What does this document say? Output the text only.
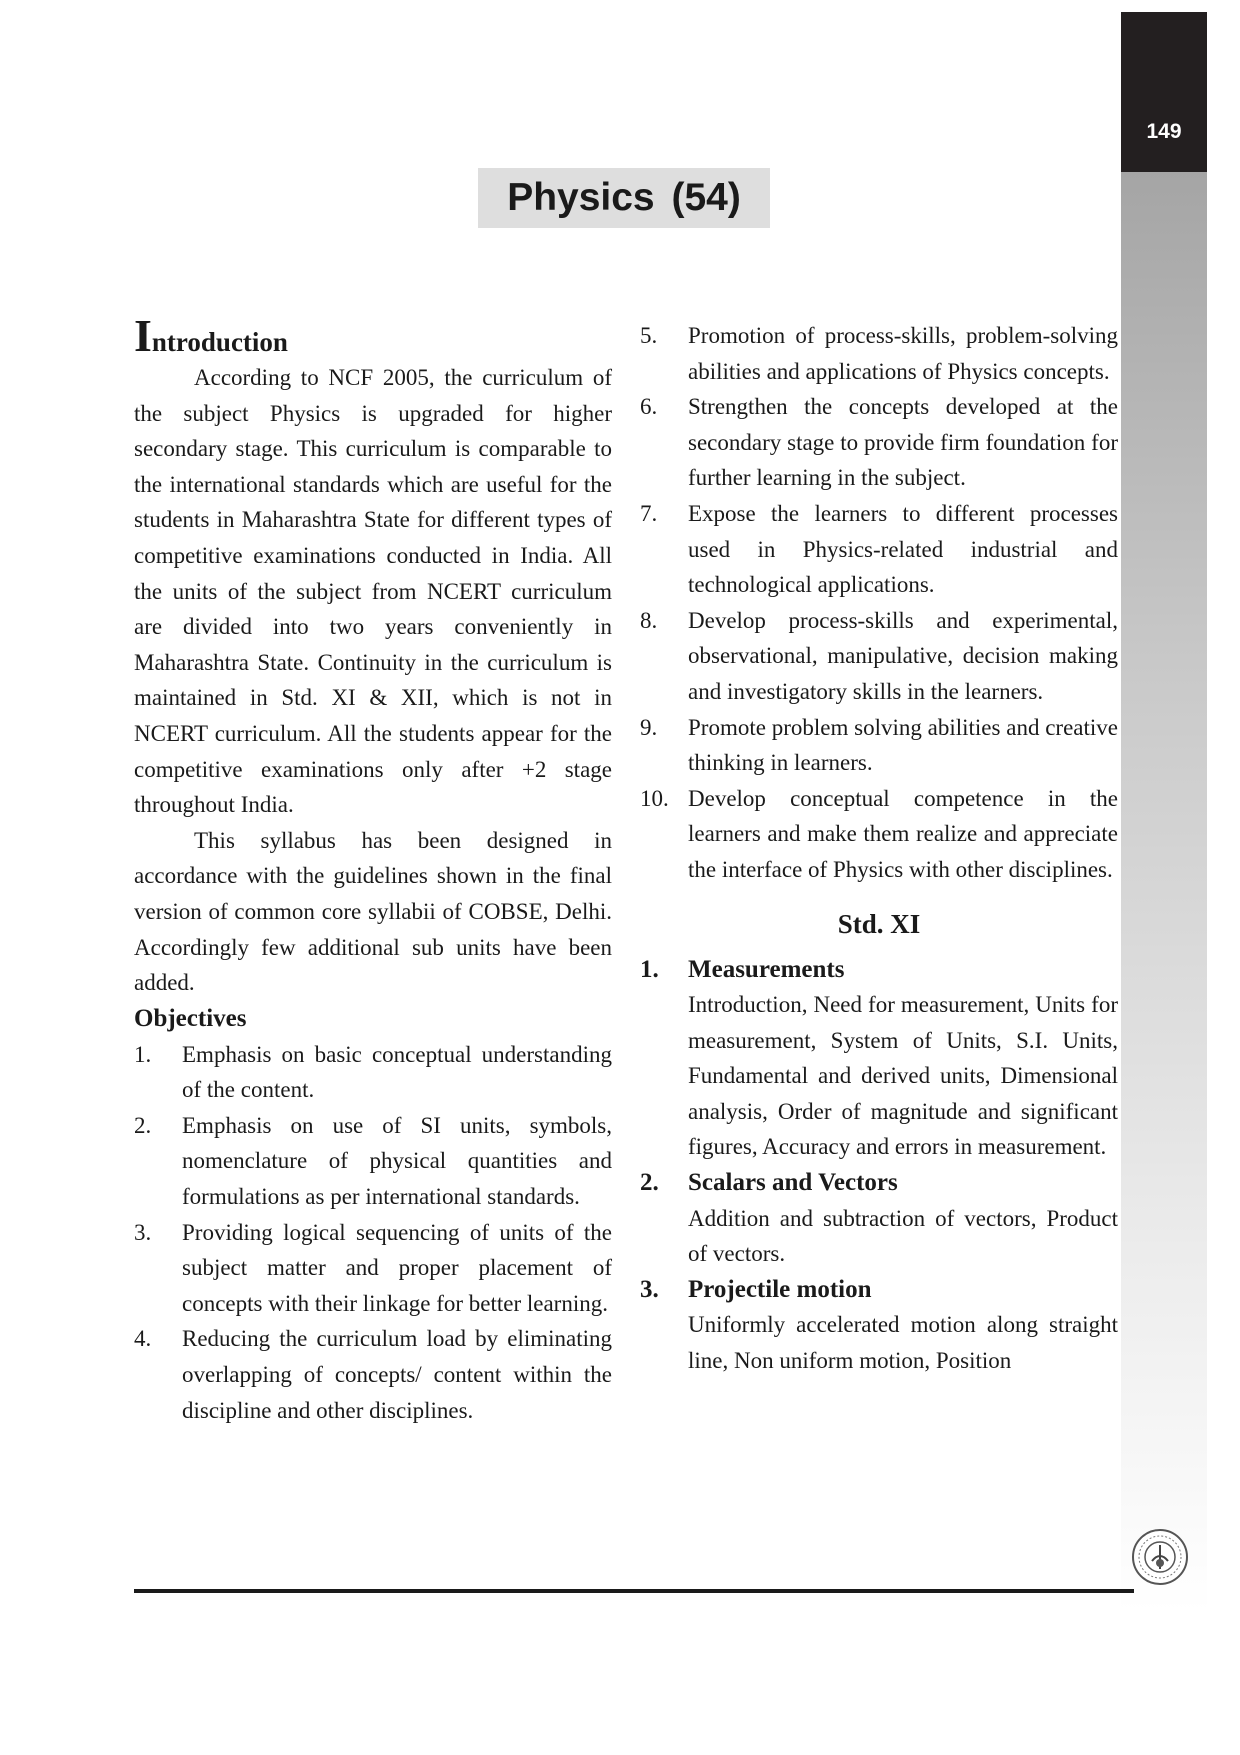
149
Physics (54)
Introduction

According to NCF 2005, the curriculum of the subject Physics is upgraded for higher secondary stage. This curriculum is comparable to the international standards which are useful for the students in Maharashtra State for different types of competitive examinations conducted in India. All the units of the subject from NCERT curriculum are divided into two years conveniently in Maharashtra State. Continuity in the curriculum is maintained in Std. XI & XII, which is not in NCERT curriculum. All the students appear for the competitive examinations only after +2 stage throughout India.

This syllabus has been designed in accordance with the guidelines shown in the final version of common core syllabii of COBSE, Delhi. Accordingly few additional sub units have been added.

Objectives

1. Emphasis on basic conceptual understanding of the content.
2. Emphasis on use of SI units, symbols, nomenclature of physical quantities and formulations as per international standards.
3. Providing logical sequencing of units of the subject matter and proper placement of concepts with their linkage for better learning.
4. Reducing the curriculum load by eliminating overlapping of concepts/ content within the discipline and other disciplines.
5. Promotion of process-skills, problem-solving abilities and applications of Physics concepts.
6. Strengthen the concepts developed at the secondary stage to provide firm foundation for further learning in the subject.
7. Expose the learners to different processes used in Physics-related industrial and technological applications.
8. Develop process-skills and experimental, observational, manipulative, decision making and investigatory skills in the learners.
9. Promote problem solving abilities and creative thinking in learners.
10. Develop conceptual competence in the learners and make them realize and appreciate the interface of Physics with other disciplines.
Std. XI
1. Measurements

Introduction, Need for measurement, Units for measurement, System of Units, S.I. Units, Fundamental and derived units, Dimensional analysis, Order of magnitude and significant figures, Accuracy and errors in measurement.

2. Scalars and Vectors

Addition and subtraction of vectors, Product of vectors.

3. Projectile motion

Uniformly accelerated motion along straight line, Non uniform motion, Position
